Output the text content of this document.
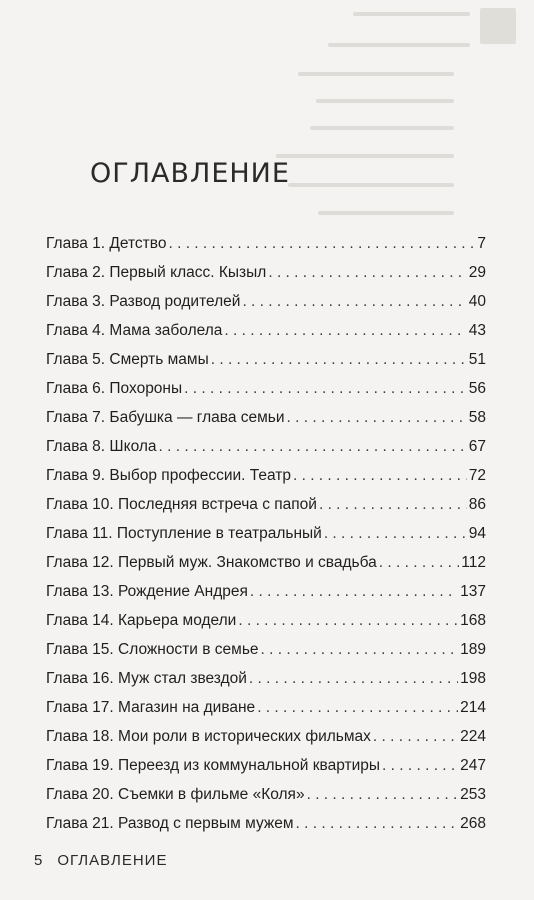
ОГЛАВЛЕНИЕ
Глава 1. Детство . . .	7
Глава 2. Первый класс. Кызыл . . .	29
Глава 3. Развод родителей . . .	40
Глава 4. Мама заболела . . .	43
Глава 5. Смерть мамы . . .	51
Глава 6. Похороны . . .	56
Глава 7. Бабушка — глава семьи . . .	58
Глава 8. Школа . . .	67
Глава 9. Выбор профессии. Театр . . .	72
Глава 10. Последняя встреча с папой . . .	86
Глава 11. Поступление в театральный . . .	94
Глава 12. Первый муж. Знакомство и свадьба . . .	112
Глава 13. Рождение Андрея . . .	137
Глава 14. Карьера модели . . .	168
Глава 15. Сложности в семье . . .	189
Глава 16. Муж стал звездой . . .	198
Глава 17. Магазин на диване . . .	214
Глава 18. Мои роли в исторических фильмах . . .	224
Глава 19. Переезд из коммунальной квартиры . . .	247
Глава 20. Съемки в фильме «Коля» . . .	253
Глава 21. Развод с первым мужем . . .	268
5 ОГЛАВЛЕНИЕ
